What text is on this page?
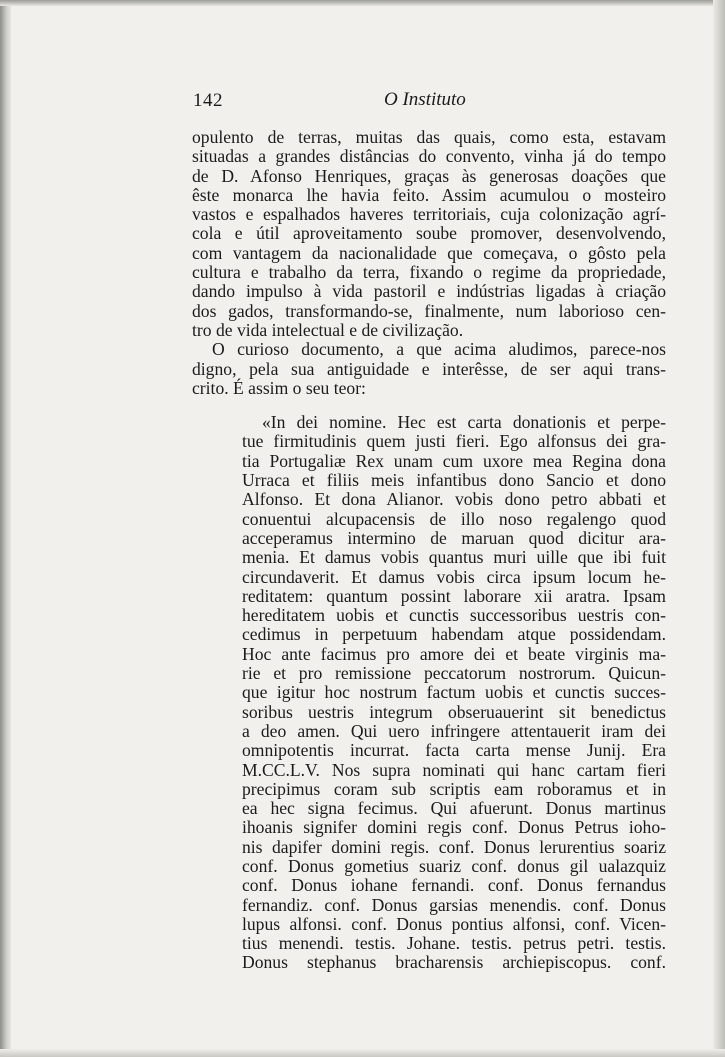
142	O Instituto
opulento de terras, muitas das quais, como esta, estavam
situadas a grandes distâncias do convento, vinha já do tempo
de D. Afonso Henriques, graças às generosas doações que
êste monarca lhe havia feito. Assim acumulou o mosteiro
vastos e espalhados haveres territoriais, cuja colonização agrí-
cola e útil aproveitamento soube promover, desenvolvendo,
com vantagem da nacionalidade que começava, o gôsto pela
cultura e trabalho da terra, fixando o regime da propriedade,
dando impulso à vida pastoril e indústrias ligadas à criação
dos gados, transformando-se, finalmente, num laborioso cen-
tro de vida intelectual e de civilização.
O curioso documento, a que acima aludimos, parece-nos
digno, pela sua antiguidade e interêsse, de ser aqui trans-
crito. É assim o seu teor:
«In dei nomine. Hec est carta donationis et perpe-
tue firmitudinis quem justi fieri. Ego alfonsus dei gra-
tia Portugaliæ Rex unam cum uxore mea Regina dona
Urraca et filiis meis infantibus dono Sancio et dono
Alfonso. Et dona Alianor. vobis dono petro abbati et
conuentui alcupacensis de illo noso regalengo quod
acceperamus intermino de maruan quod dicitur ara-
menia. Et damus vobis quantus muri uille que ibi fuit
circundaverit. Et damus vobis circa ipsum locum he-
reditatem: quantum possint laborare xii aratra. Ipsam
hereditatem uobis et cunctis successoribus uestris con-
cedimus in perpetuum habendam atque possidendam.
Hoc ante facimus pro amore dei et beate virginis ma-
rie et pro remissione peccatorum nostrorum. Quicun-
que igitur hoc nostrum factum uobis et cunctis succes-
soribus uestris integrum obseruauerint sit benedictus
a deo amen. Qui uero infringere attentauerit iram dei
omnipotentis incurrat. facta carta mense Junij. Era
M.CC.L.V. Nos supra nominati qui hanc cartam fieri
precipimus coram sub scriptis eam roboramus et in
ea hec signa fecimus. Qui afuerunt. Donus martinus
ihoanis signifer domini regis conf. Donus Petrus ioho-
nis dapifer domini regis. conf. Donus lerurentius soariz
conf. Donus gometius suariz conf. donus gil ualazquiz
conf. Donus iohane fernandi. conf. Donus fernandus
fernandiz. conf. Donus garsias menendis. conf. Donus
lupus alfonsi. conf. Donus pontius alfonsi, conf. Vicen-
tius menendi. testis. Johane. testis. petrus petri. testis.
Donus stephanus bracharensis archiepiscopus. conf.
